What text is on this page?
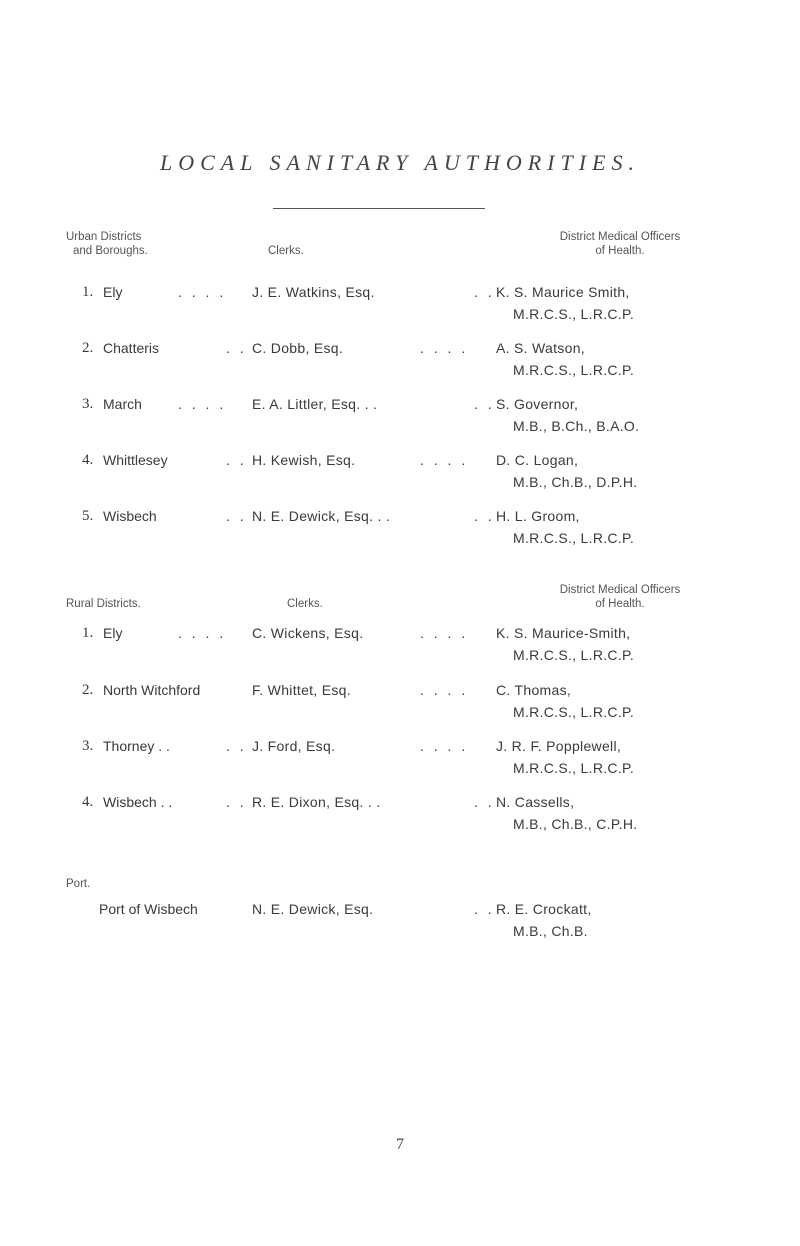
LOCAL SANITARY AUTHORITIES.
Urban Districts
and Boroughs.	Clerks.
District Medical Officers
of Health.
1. Ely	. . . . J. E. Watkins, Esq.	. . K. S. Maurice Smith,
M.R.C.S., L.R.C.P.
2. Chatteris	. . C. Dobb, Esq.	. . . . A. S. Watson,
M.R.C.S., L.R.C.P.
3. March	. . . . E. A. Littler, Esq. . .	. . S. Governor,
M.B., B.Ch., B.A.O.
4. Whittlesey	. . H. Kewish, Esq.	. . . . D. C. Logan,
M.B., Ch.B., D.P.H.
5. Wisbech	. . N. E. Dewick, Esq. . .	. . H. L. Groom,
M.R.C.S., L.R.C.P.
Rural Districts.	Clerks.
District Medical Officers
of Health.
1. Ely	. . . . C. Wickens, Esq.	. . . . K. S. Maurice-Smith,
M.R.C.S., L.R.C.P.
2. North Witchford	F. Whittet, Esq.	. . . . C. Thomas,
M.R.C.S., L.R.C.P.
3. Thorney . .	. . J. Ford, Esq.	. . . . J. R. F. Popplewell,
M.R.C.S., L.R.C.P.
4. Wisbech . .	. . R. E. Dixon, Esq. . .	. . N. Cassells,
M.B., Ch.B., C.P.H.
Port.
Port of Wisbech	N. E. Dewick, Esq.	. . R. E. Crockatt,
M.B., Ch.B.
7
